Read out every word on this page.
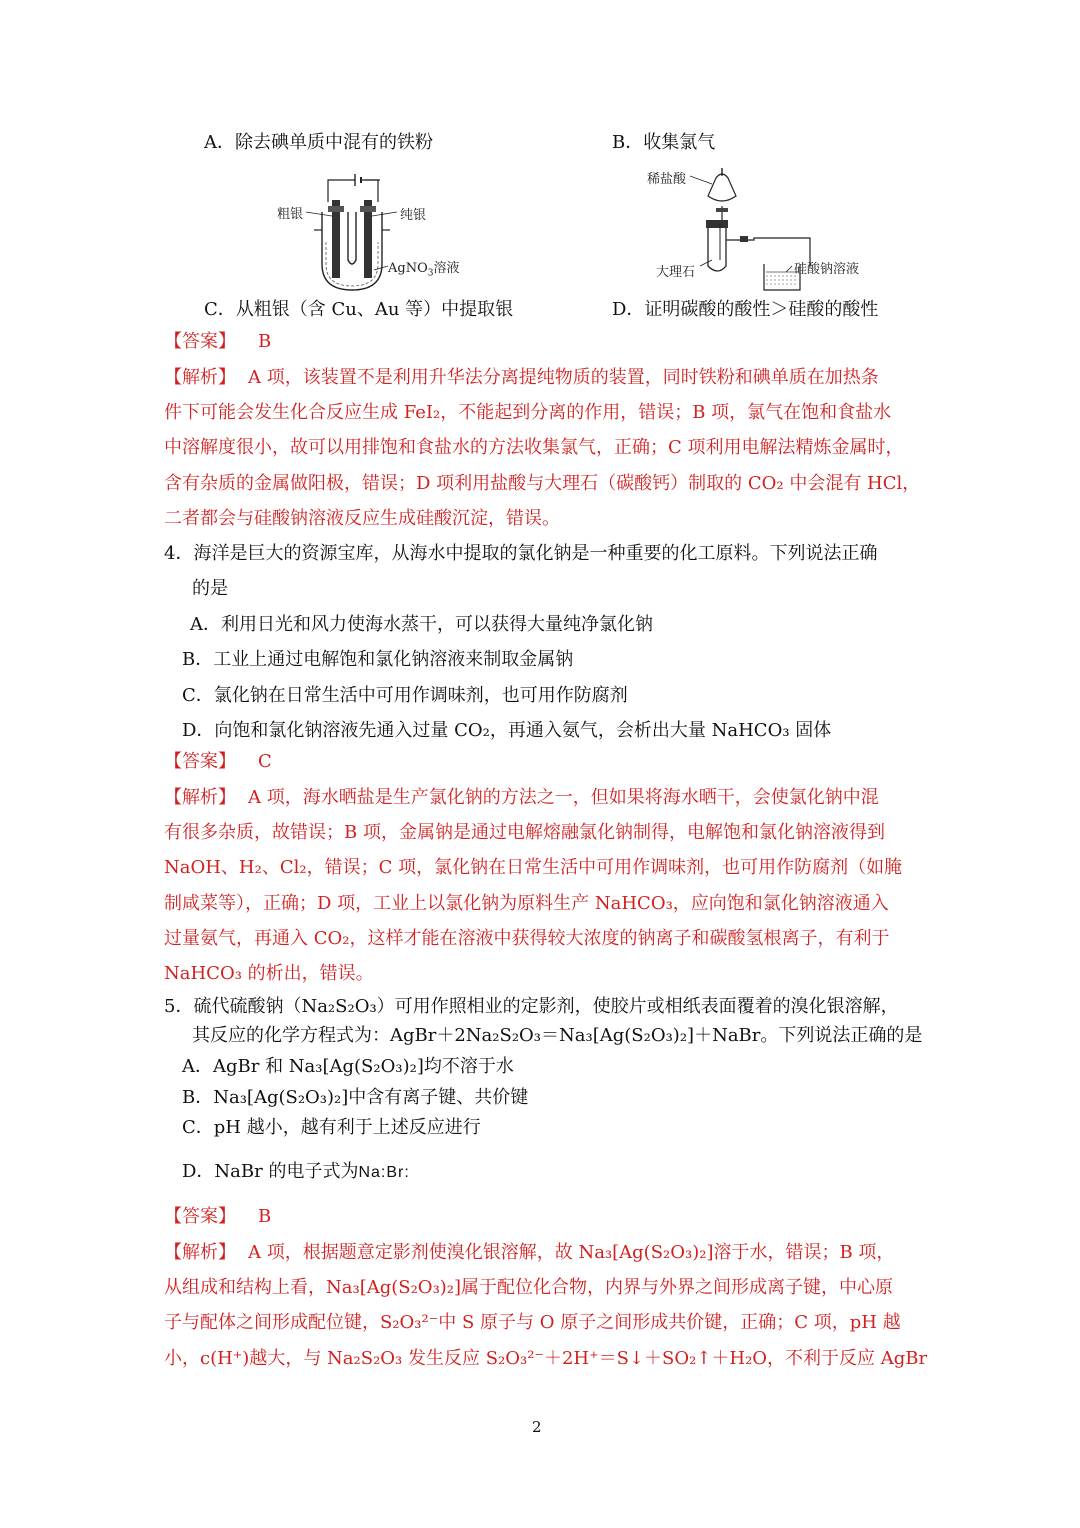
A．除去碘单质中混有的铁粉	B．收集氯气
粗银	纯银
AgNO$_3$溶液
稀盐酸
大理石	硅酸钠溶液
C．从粗银（含 Cu、Au 等）中提取银	D．证明碳酸的酸性＞硅酸的酸性
【答案】 B
【解析】 A 项，该装置不是利用升华法分离提纯物质的装置，同时铁粉和碘单质在加热条
件下可能会发生化合反应生成 FeI₂，不能起到分离的作用，错误；B 项，氯气在饱和食盐水
中溶解度很小，故可以用排饱和食盐水的方法收集氯气，正确；C 项利用电解法精炼金属时，
含有杂质的金属做阳极，错误；D 项利用盐酸与大理石（碳酸钙）制取的 CO₂ 中会混有 HCl，
二者都会与硅酸钠溶液反应生成硅酸沉淀，错误。
4．海洋是巨大的资源宝库，从海水中提取的氯化钠是一种重要的化工原料。下列说法正确
的是
A．利用日光和风力使海水蒸干，可以获得大量纯净氯化钠
B．工业上通过电解饱和氯化钠溶液来制取金属钠
C．氯化钠在日常生活中可用作调味剂，也可用作防腐剂
D．向饱和氯化钠溶液先通入过量 CO₂，再通入氨气，会析出大量 NaHCO₃ 固体
【答案】 C
【解析】 A 项，海水晒盐是生产氯化钠的方法之一，但如果将海水晒干，会使氯化钠中混
有很多杂质，故错误；B 项，金属钠是通过电解熔融氯化钠制得，电解饱和氯化钠溶液得到
NaOH、H₂、Cl₂，错误；C 项，氯化钠在日常生活中可用作调味剂，也可用作防腐剂（如腌
制咸菜等），正确；D 项，工业上以氯化钠为原料生产 NaHCO₃，应向饱和氯化钠溶液通入
过量氨气，再通入 CO₂，这样才能在溶液中获得较大浓度的钠离子和碳酸氢根离子，有利于
NaHCO₃ 的析出，错误。
5．硫代硫酸钠（Na₂S₂O₃）可用作照相业的定影剂，使胶片或相纸表面覆着的溴化银溶解，
其反应的化学方程式为：AgBr＋2Na₂S₂O₃＝Na₃[Ag(S₂O₃)₂]＋NaBr。下列说法正确的是
A．AgBr 和 Na₃[Ag(S₂O₃)₂]均不溶于水
B．Na₃[Ag(S₂O₃)₂]中含有离子键、共价键
C．pH 越小，越有利于上述反应进行
D．NaBr 的电子式为Na:Br:
【答案】 B
【解析】 A 项，根据题意定影剂使溴化银溶解，故 Na₃[Ag(S₂O₃)₂]溶于水，错误；B 项，
从组成和结构上看，Na₃[Ag(S₂O₃)₂]属于配位化合物，内界与外界之间形成离子键，中心原
子与配体之间形成配位键，S₂O₃²⁻中 S 原子与 O 原子之间形成共价键，正确；C 项，pH 越
小，c(H⁺)越大，与 Na₂S₂O₃ 发生反应 S₂O₃²⁻＋2H⁺＝S↓＋SO₂↑＋H₂O，不利于反应 AgBr
2
